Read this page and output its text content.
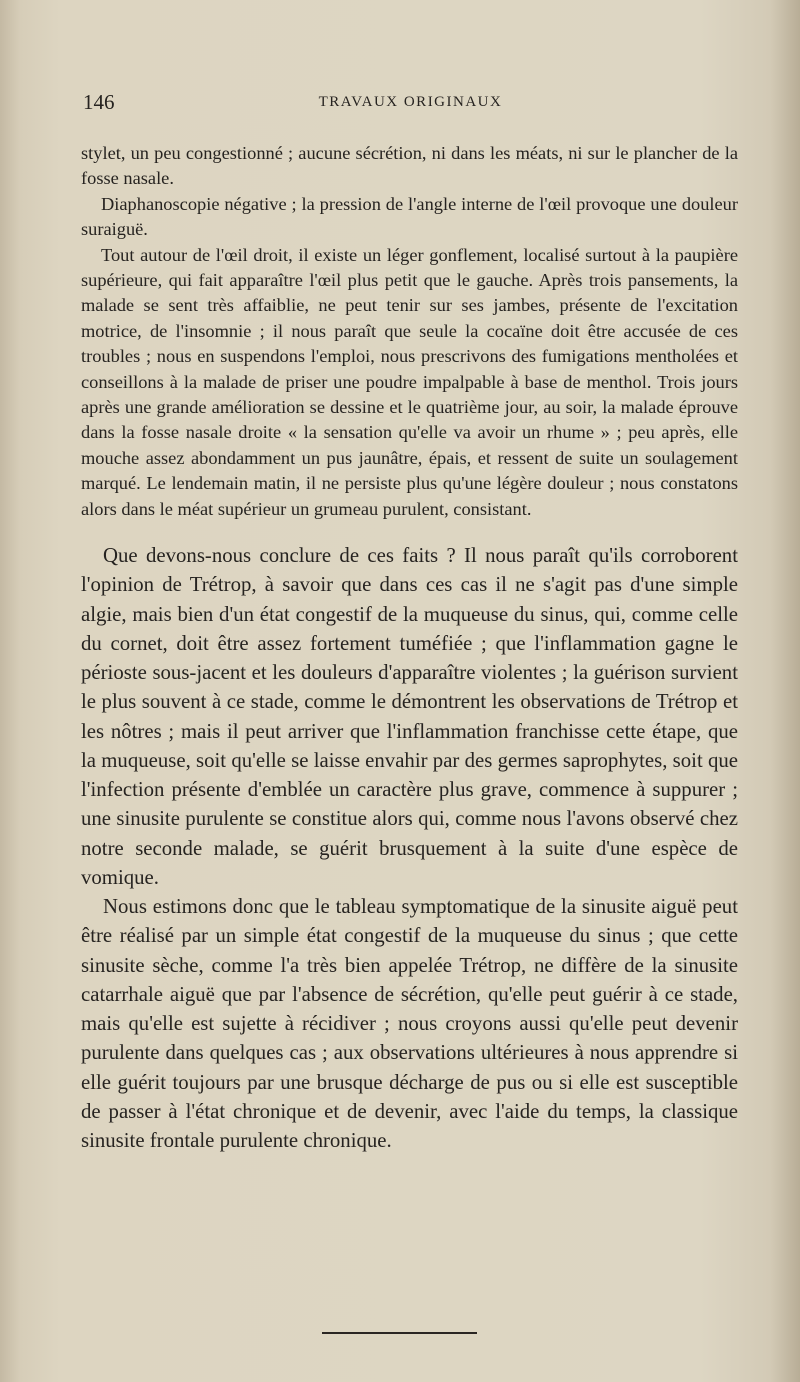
146	TRAVAUX ORIGINAUX

stylet, un peu congestionné ; aucune sécrétion, ni dans les méats, ni sur le plancher de la fosse nasale.

Diaphanoscopie négative ; la pression de l'angle interne de l'œil provoque une douleur suraiguë.

Tout autour de l'œil droit, il existe un léger gonflement, localisé surtout à la paupière supérieure, qui fait apparaître l'œil plus petit que le gauche. Après trois pansements, la malade se sent très affaiblie, ne peut tenir sur ses jambes, présente de l'excitation motrice, de l'insomnie ; il nous paraît que seule la cocaïne doit être accusée de ces troubles ; nous en suspendons l'emploi, nous prescrivons des fumigations mentholées et conseillons à la malade de priser une poudre impalpable à base de menthol. Trois jours après une grande amélioration se dessine et le quatrième jour, au soir, la malade éprouve dans la fosse nasale droite « la sensation qu'elle va avoir un rhume » ; peu après, elle mouche assez abondamment un pus jaunâtre, épais, et ressent de suite un soulagement marqué. Le lendemain matin, il ne persiste plus qu'une légère douleur ; nous constatons alors dans le méat supérieur un grumeau purulent, consistant.

Que devons-nous conclure de ces faits ? Il nous paraît qu'ils corroborent l'opinion de Trétrop, à savoir que dans ces cas il ne s'agit pas d'une simple algie, mais bien d'un état congestif de la muqueuse du sinus, qui, comme celle du cornet, doit être assez fortement tuméfiée ; que l'inflammation gagne le périoste sous-jacent et les douleurs d'apparaître violentes ; la guérison survient le plus souvent à ce stade, comme le démontrent les observations de Trétrop et les nôtres ; mais il peut arriver que l'inflammation franchisse cette étape, que la muqueuse, soit qu'elle se laisse envahir par des germes saprophytes, soit que l'infection présente d'emblée un caractère plus grave, commence à suppurer ; une sinusite purulente se constitue alors qui, comme nous l'avons observé chez notre seconde malade, se guérit brusquement à la suite d'une espèce de vomique.

Nous estimons donc que le tableau symptomatique de la sinusite aiguë peut être réalisé par un simple état congestif de la muqueuse du sinus ; que cette sinusite sèche, comme l'a très bien appelée Trétrop, ne diffère de la sinusite catarrhale aiguë que par l'absence de sécrétion, qu'elle peut guérir à ce stade, mais qu'elle est sujette à récidiver ; nous croyons aussi qu'elle peut devenir purulente dans quelques cas ; aux observations ultérieures à nous apprendre si elle guérit toujours par une brusque décharge de pus ou si elle est susceptible de passer à l'état chronique et de devenir, avec l'aide du temps, la classique sinusite frontale purulente chronique.
